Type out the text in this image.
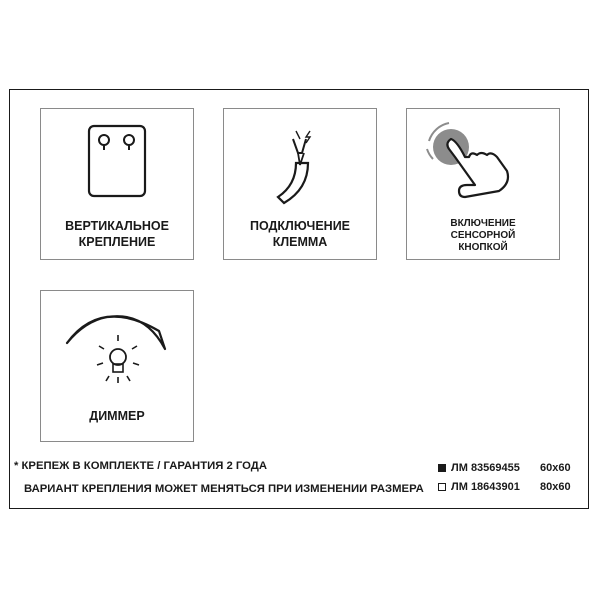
ВЕРТИКАЛЬНОЕ
КРЕПЛЕНИЕ
ПОДКЛЮЧЕНИЕ
КЛЕММА
ВКЛЮЧЕНИЕ
СЕНСОРНОЙ
КНОПКОЙ
ДИММЕР
* КРЕПЕЖ В КОМПЛЕКТЕ / ГАРАНТИЯ 2 ГОДА
ВАРИАНТ КРЕПЛЕНИЯ МОЖЕТ МЕНЯТЬСЯ ПРИ ИЗМЕНЕНИИ РАЗМЕРА
ЛМ 83569455 60x60
ЛМ 18643901 80x60
